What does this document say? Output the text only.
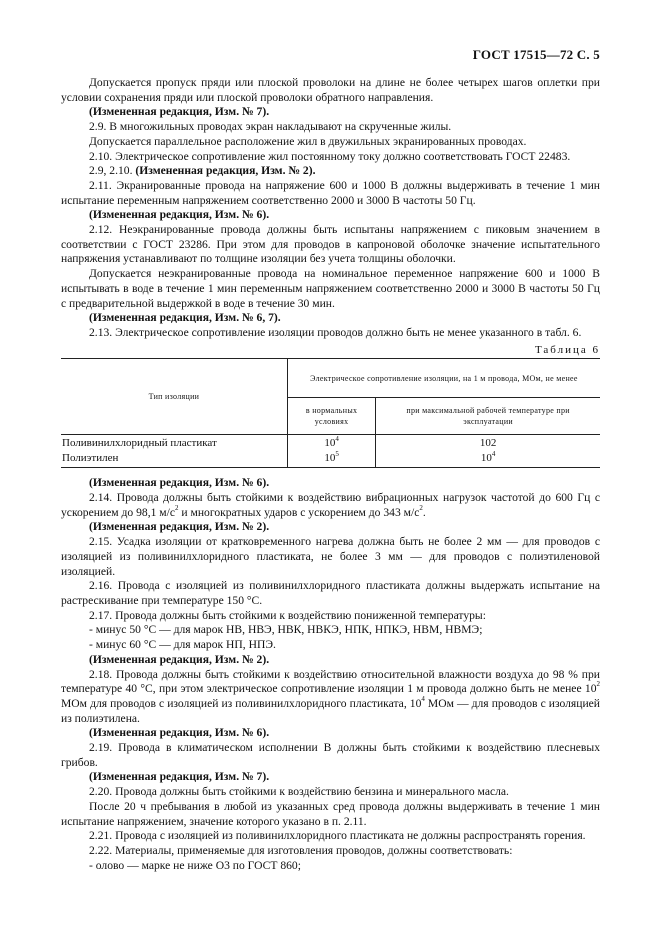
ГОСТ 17515—72 С. 5

Допускается пропуск пряди или плоской проволоки на длине не более четырех шагов оплетки при условии сохранения пряди или плоской проволоки обратного направления.

(Измененная редакция, Изм. № 7).

2.9. В многожильных проводах экран накладывают на скрученные жилы.

Допускается параллельное расположение жил в двужильных экранированных проводах.

2.10. Электрическое сопротивление жил постоянному току должно соответствовать ГОСТ 22483.

2.9, 2.10. (Измененная редакция, Изм. № 2).

2.11. Экранированные провода на напряжение 600 и 1000 В должны выдерживать в течение 1 мин испытание переменным напряжением соответственно 2000 и 3000 В частоты 50 Гц.

(Измененная редакция, Изм. № 6).

2.12. Неэкранированные провода должны быть испытаны напряжением с пиковым значением в соответствии с ГОСТ 23286. При этом для проводов в капроновой оболочке значение испытательного напряжения устанавливают по толщине изоляции без учета толщины оболочки.

Допускается неэкранированные провода на номинальное переменное напряжение 600 и 1000 В испытывать в воде в течение 1 мин переменным напряжением соответственно 2000 и 3000 В частоты 50 Гц с предварительной выдержкой в воде в течение 30 мин.

(Измененная редакция, Изм. № 6, 7).

2.13. Электрическое сопротивление изоляции проводов должно быть не менее указанного в табл. 6.

Таблица 6
Тип изоляции	Электрическое сопротивление изоляции, на 1 м провода, МОм, не менее	
	в нормальных условиях	при максимальной рабочей температуре при эксплуатации
Поливинилхлоридный пластикат	$10^4$	102
Полиэтилен	$10^5$	$10^4$

(Измененная редакция, Изм. № 6).

2.14. Провода должны быть стойкими к воздействию вибрационных нагрузок частотой до 600 Гц с ускорением до 98,1 $м/с^2$ и многократных ударов с ускорением до 343 $м/с^2$.

(Измененная редакция, Изм. № 2).

2.15. Усадка изоляции от кратковременного нагрева должна быть не более 2 мм — для проводов с изоляцией из поливинилхлоридного пластиката, не более 3 мм — для проводов с полиэтиленовой изоляцией.

2.16. Провода с изоляцией из поливинилхлоридного пластиката должны выдержать испытание на растрескивание при температуре 150 °С.

2.17. Провода должны быть стойкими к воздействию пониженной температуры:

- минус 50 °С — для марок НВ, НВЭ, НВК, НВКЭ, НПК, НПКЭ, НВМ, НВМЭ;

- минус 60 °С — для марок НП, НПЭ.

(Измененная редакция, Изм. № 2).

2.18. Провода должны быть стойкими к воздействию относительной влажности воздуха до 98 % при температуре 40 °С, при этом электрическое сопротивление изоляции 1 м провода должно быть не менее $10^2$ МОм для проводов с изоляцией из поливинилхлоридного пластиката, $10^4$ МОм — для проводов с изоляцией из полиэтилена.

(Измененная редакция, Изм. № 6).

2.19. Провода в климатическом исполнении В должны быть стойкими к воздействию плесневых грибов.

(Измененная редакция, Изм. № 7).

2.20. Провода должны быть стойкими к воздействию бензина и минерального масла.

После 20 ч пребывания в любой из указанных сред провода должны выдерживать в течение 1 мин испытание напряжением, значение которого указано в п. 2.11.

2.21. Провода с изоляцией из поливинилхлоридного пластиката не должны распространять горения.

2.22. Материалы, применяемые для изготовления проводов, должны соответствовать:

- олово — марке не ниже О3 по ГОСТ 860;
